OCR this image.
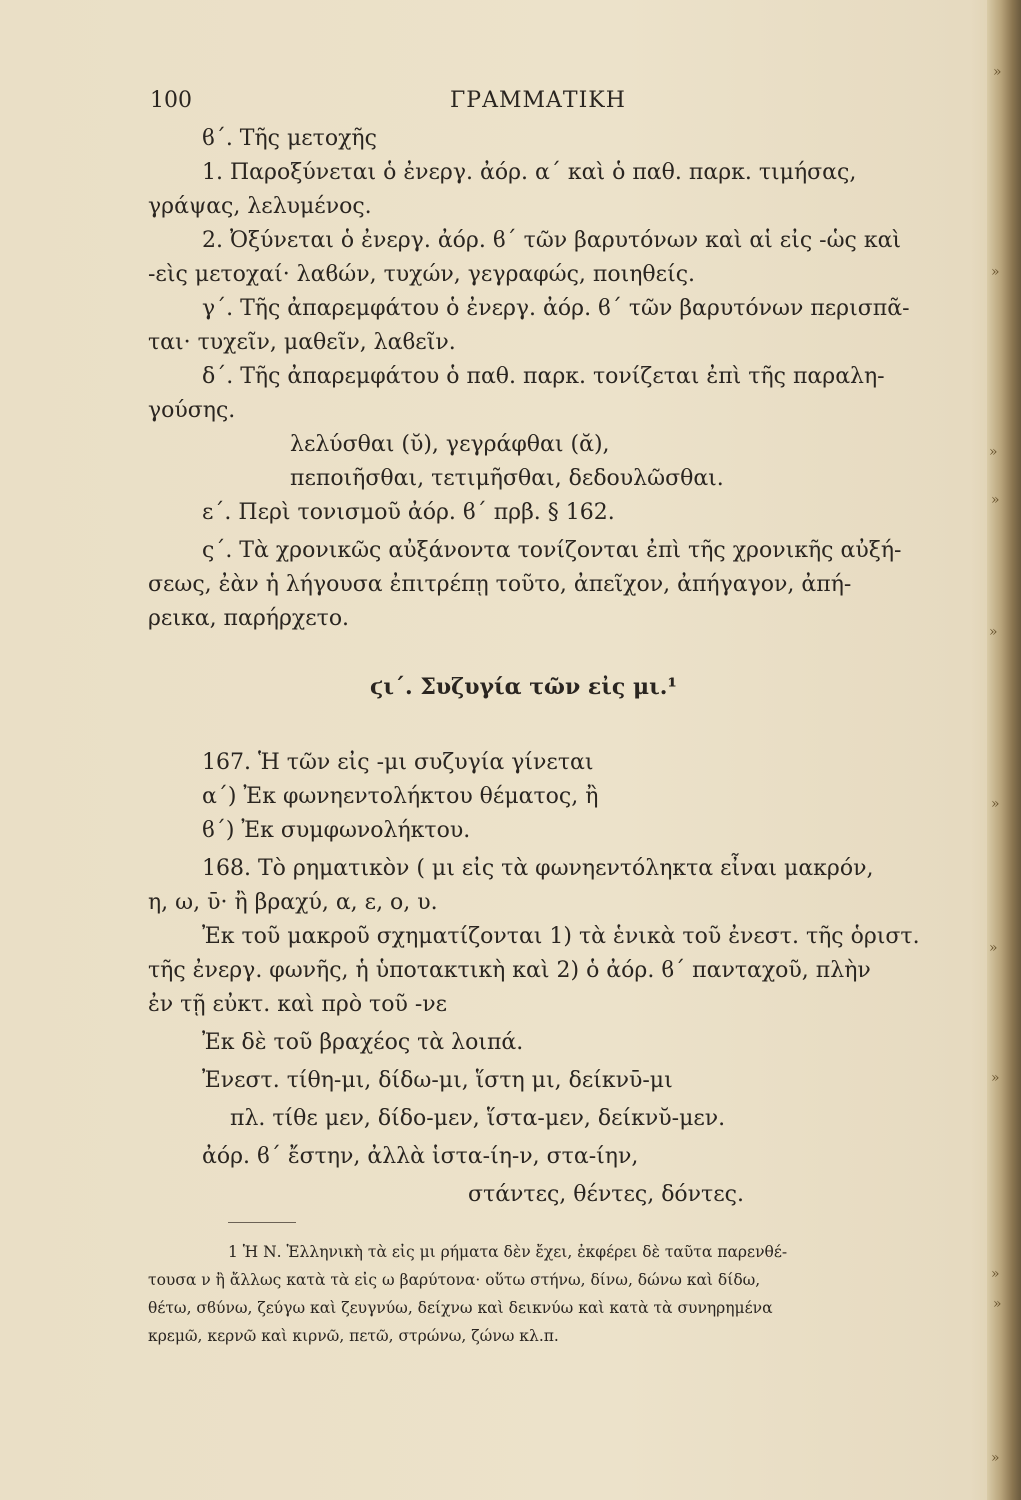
100	ΓΡΑΜΜΑΤΙΚΗ
ϐ΄. Τῆς μετοχῆς
1. Παροξύνεται ὁ ἐνεργ. ἀόρ. α΄ καὶ ὁ παθ. παρκ. τιμήσας,
γράψας, λελυμένος.
2. Ὀξύνεται ὁ ἐνεργ. ἀόρ. ϐ΄ τῶν βαρυτόνων καὶ αἱ εἰς -ὡς καὶ
-εὶς μετοχαί· λαϐών, τυχών, γεγραφώς, ποιηθείς.
γ΄. Τῆς ἀπαρεμφάτου ὁ ἐνεργ. ἀόρ. ϐ΄ τῶν βαρυτόνων περισπᾶ-
ται· τυχεῖν, μαθεῖν, λαϐεῖν.
δ΄. Τῆς ἀπαρεμφάτου ὁ παθ. παρκ. τονίζεται ἐπὶ τῆς παραλη-
γούσης.
λελύσθαι (ῠ), γεγράφθαι (ᾰ),
πεποιῆσθαι, τετιμῆσθαι, δεδουλῶσθαι.
ε΄. Περὶ τονισμοῦ ἀόρ. ϐ΄ πρβ. § 162.
ς΄. Τὰ χρονικῶς αὐξάνοντα τονίζονται ἐπὶ τῆς χρονικῆς αὐξή-
σεως, ἐὰν ἡ λήγουσα ἐπιτρέπῃ τοῦτο, ἀπεῖχον, ἀπήγαγον, ἀπή-
ρεικα, παρήρχετο.
ϛι΄. Συζυγία τῶν εἰς μι.¹
167. Ἡ τῶν εἰς -μι συζυγία γίνεται
α΄) Ἐκ φωνηεντολήκτου θέματος, ἢ
ϐ΄) Ἐκ συμφωνολήκτου.
168. Τὸ ρηματικὸν ( μι εἰς τὰ φωνηεντόληκτα εἶναι μακρόν,
η, ω, ῡ· ἢ βραχύ, α, ε, ο, υ.
Ἐκ τοῦ μακροῦ σχηματίζονται 1) τὰ ἑνικὰ τοῦ ἐνεστ. τῆς ὁριστ.
τῆς ἐνεργ. φωνῆς, ἡ ὑποτακτικὴ καὶ 2) ὁ ἀόρ. ϐ΄ πανταχοῦ, πλὴν
ἐν τῇ εὐκτ. καὶ πρὸ τοῦ -νε
Ἐκ δὲ τοῦ βραχέος τὰ λοιπά.
Ἐνεστ. τίθη-μι, δίδω-μι, ἵστη μι, δείκνῡ-μι
πλ. τίθε μεν, δίδο-μεν, ἵστα-μεν, δείκνῠ-μεν.
ἀόρ. ϐ΄ ἔστην, ἀλλὰ ἱστα-ίη-ν, στα-ίην,
στάντες, θέντες, δόντες.
1 Ἡ Ν. Ἑλληνικὴ τὰ εἰς μι ρήματα δὲν ἔχει, ἐκφέρει δὲ ταῦτα παρενθέ-
τουσα ν ἢ ἄλλως κατὰ τὰ εἰς ω βαρύτονα· οὕτω στήνω, δίνω, δώνω καὶ δίδω,
θέτω, σϐύνω, ζεύγω καὶ ζευγνύω, δείχνω καὶ δεικνύω καὶ κατὰ τὰ συνηρημένα
κρεμῶ, κερνῶ καὶ κιρνῶ, πετῶ, στρώνω, ζώνω κλ.π.
»
»
»
»
»
»
»
»
»
»
»
